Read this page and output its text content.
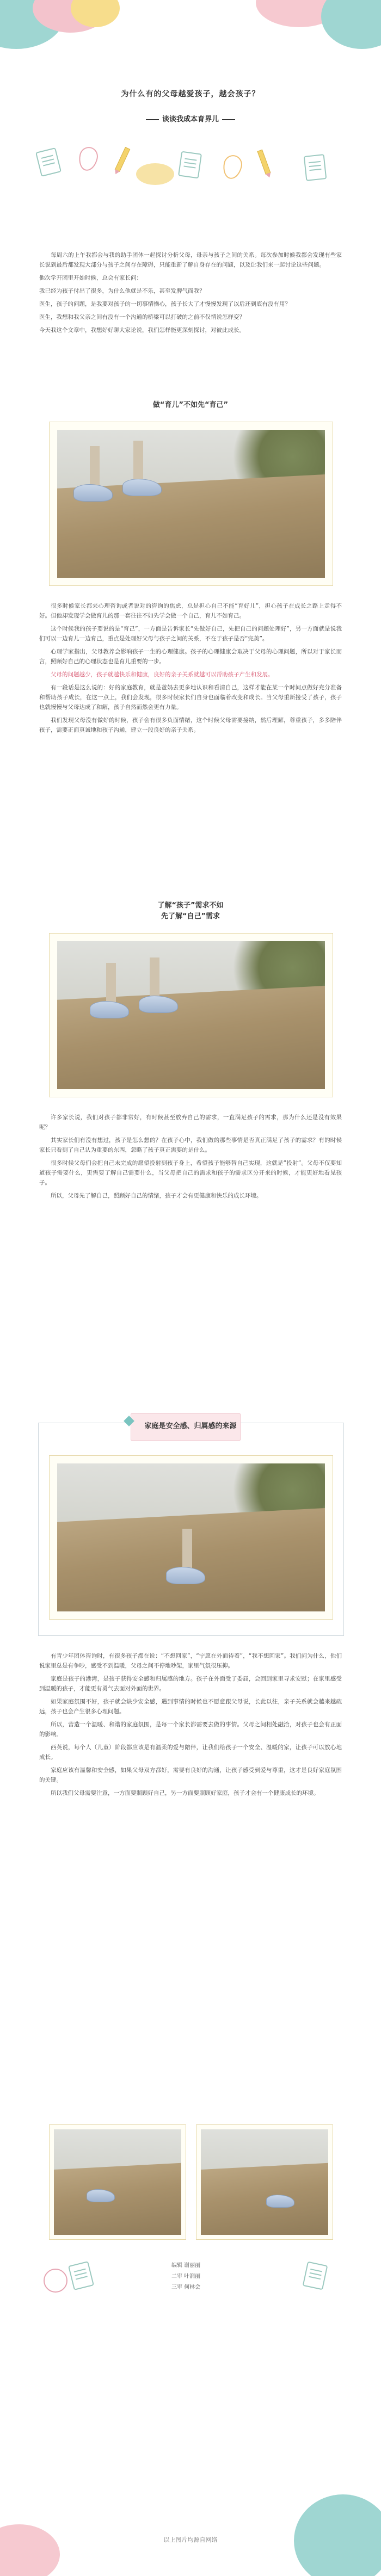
为什么有的父母越爱孩子，越会孩子？
谈谈我成本育界儿

每周六的上午我都会与我的助手团体一起探讨分析父母，母亲与孩子之间的关系。每次参加时候我都会发现有些家长说到最后都发现大部分与孩子之间存在障碍，只能重新了解自身存在的问题，以及让我们来一起讨论这些问题。

他次学开团里开始时候，总会有家长问：

我已经为孩子付出了很多，为什么他就是不乐，甚至发脾气而我？

医生，孩子的问题，是我要对孩子的一切事情操心，孩子长大了才慢慢发现了以后还到底有没有用？

医生，我想和我父亲之间有没有一个沟通的桥梁可以打破的之前不仅情说怎样变？

今天我这个文章中，我想好好聊大家论说，我们怎样能更深刻探讨，对彼此成长。

做“育儿”不如先“育己”

很多时候家长都来心理咨询或者说对的咨询的焦虑，总是担心自己不能“育好儿”，担心孩子在成长之路上走得不好。但他却发现学会做育儿的那一套往往不如先学会做一个自己，育儿不如育己。

这个时候我的孩子要说的是“育己”，一方面是告诉家长“先做好自己，先把自己的问题处理好”，另一方面就是说我们可以一边育儿一边育己，重点是处理好父母与孩子之间的关系，不在于孩子是否“完美”。

心理学家指出，父母教养会影响孩子一生的心理健康。孩子的心理健康会取决于父母的心理问题，所以对于家长而言，照顾好自己的心理状态也是育儿重要的一步。

父母的问题越少，孩子就越快乐和健康，良好的亲子关系就越可以帮助孩子产生和发展。

有一段话是这么说的：好的家庭教育，就是爸妈去更多地认识和看清自己，这样才能在某一个时间点做好充分准备和帮助孩子成长，在这一点上，我们会发现，很多时候家长们自身也面临着改变和成长。当父母重新接受了孩子，孩子也就慢慢与父母达成了和解，孩子自然而然会更有力量。

我们发现父母没有做好的时候，孩子会有很多负面情绪，这个时候父母需要接纳，然后理解，尊重孩子，多多陪伴孩子，需要正面真诚地和孩子沟通，建立一段良好的亲子关系。

了解“孩子”需求不如
先了解“自己”需求

许多家长说，我们对孩子都非常好，有时候甚至放弃自己的需求，一直满足孩子的需求，那为什么还是没有效果呢？

其实家长们有没有想过，孩子是怎么想的？在孩子心中，我们做的那些事情是否真正满足了孩子的需求？有的时候家长只看到了自己认为重要的东西，忽略了孩子真正需要的是什么。

很多时候父母们会把自己未完成的愿望投射到孩子身上，希望孩子能够替自己实现，这就是“投射”。父母不仅要知道孩子需要什么，更需要了解自己需要什么，当父母把自己的需求和孩子的需求区分开来的时候，才能更好地看见孩子。

所以，父母先了解自己，照顾好自己的情绪，孩子才会有更健康和快乐的成长环境。

家庭是安全感、归属感的来源

有青少年团体咨询时，有很多孩子都在说：“不想回家”，“宁愿在外面待着”，“我不想回家”。我们问为什么，他们说家里总是有争吵，感受不到温暖，父母之间不停地吵架，家里气氛很压抑。

家庭是孩子的港湾，是孩子获得安全感和归属感的地方。孩子在外面受了委屈，会回到家里寻求安慰；在家里感受到温暖的孩子，才能更有勇气去面对外面的世界。

如果家庭氛围不好，孩子就会缺少安全感，遇到事情的时候也不愿意跟父母说，长此以往，亲子关系就会越来越疏远，孩子也会产生很多心理问题。

所以，营造一个温暖、和谐的家庭氛围，是每一个家长都需要去做的事情。父母之间相处融洽，对孩子也会有正面的影响。

西英说，每个人（儿童）阶段都应该是有温柔的爱与陪伴，让我们给孩子一个安全、温暖的家，让孩子可以放心地成长。

家庭应该有温馨和安全感，如果父母双方都好，需要有良好的沟通，让孩子感受到爱与尊重，这才是良好家庭氛围的关键。

所以我们父母需要注意，一方面要照顾好自己，另一方面要照顾好家庭，孩子才会有一个健康成长的环境。

编辑 谢丽丽
二审 叶润丽
三审 何林会
以上图片均源自网络
